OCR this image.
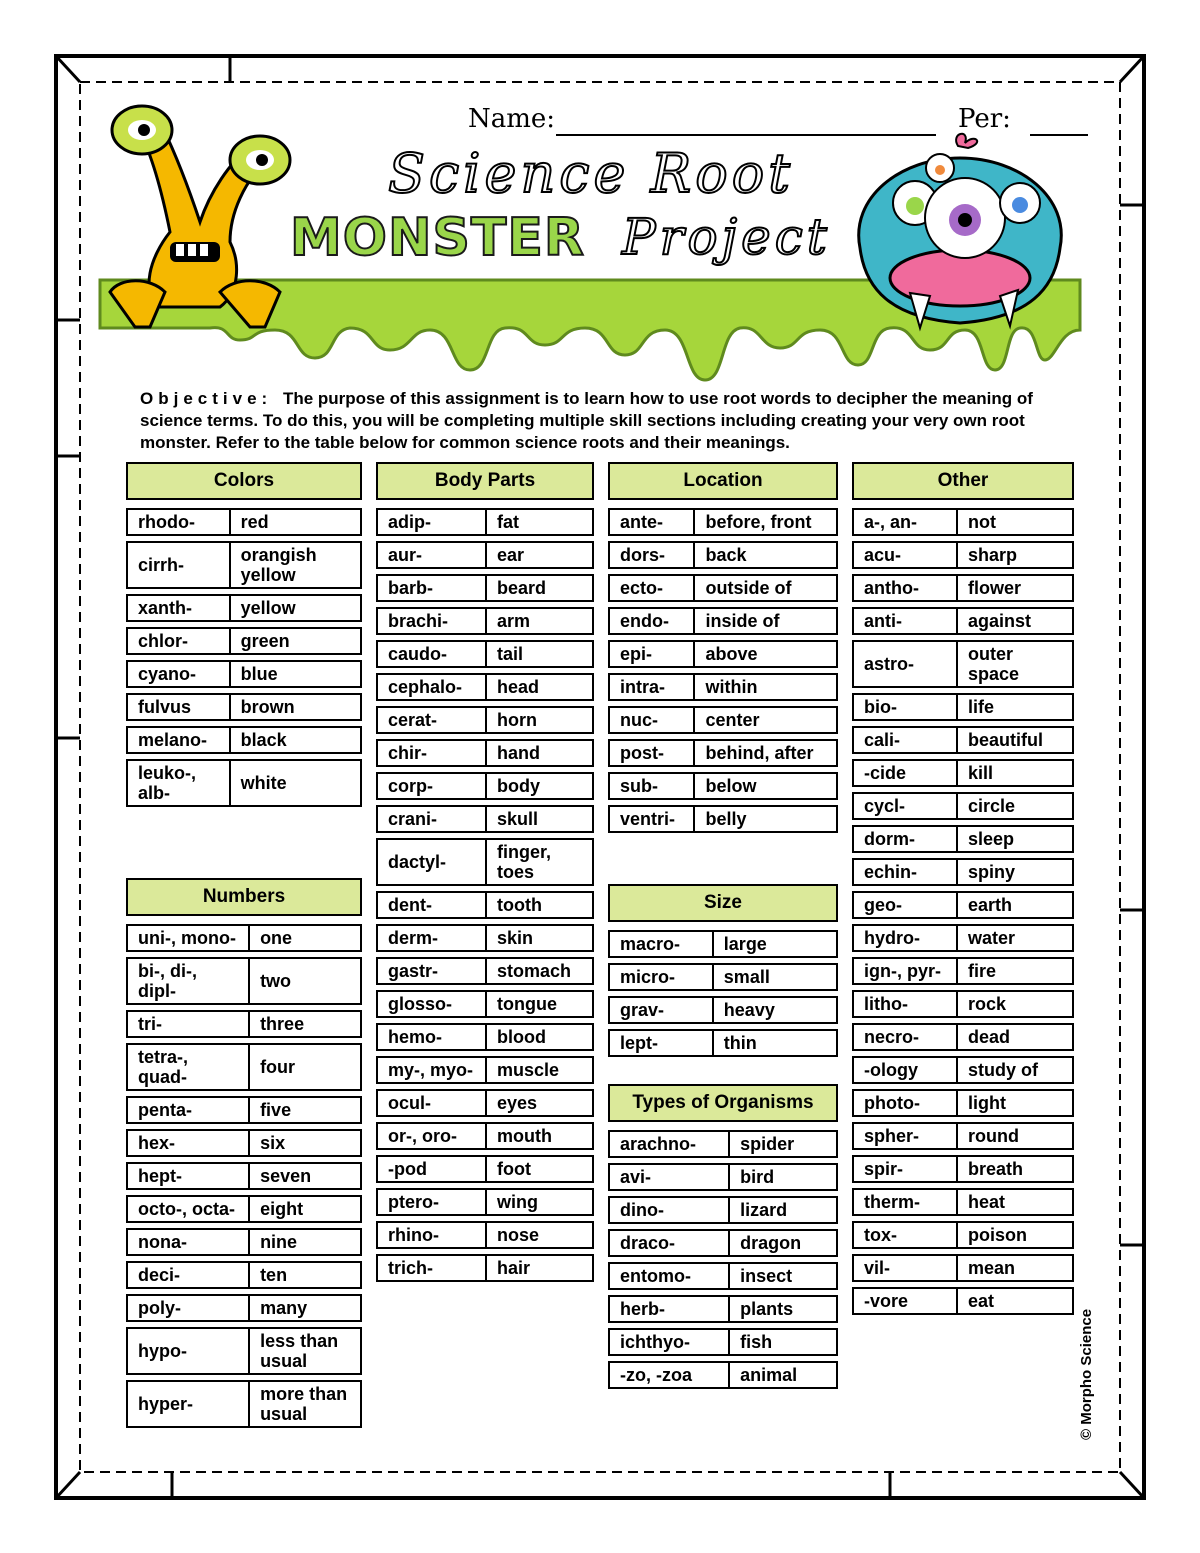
Name:	Per:
Science Root
MONSTER Project
Objective: The purpose of this assignment is to learn how to use root words to decipher the meaning of science terms. To do this, you will be completing multiple skill sections including creating your very own root monster. Refer to the table below for common science roots and their meanings.
Colors
rhodo-	red
cirrh-	orangish yellow
xanth-	yellow
chlor-	green
cyano-	blue
fulvus	brown
melano-	black
leuko-, alb-	white
Numbers
uni-, mono-	one
bi-, di-, dipl-	two
tri-	three
tetra-, quad-	four
penta-	five
hex-	six
hept-	seven
octo-, octa-	eight
nona-	nine
deci-	ten
poly-	many
hypo-	less than usual
hyper-	more than usual
Body Parts
adip-	fat
aur-	ear
barb-	beard
brachi-	arm
caudo-	tail
cephalo-	head
cerat-	horn
chir-	hand
corp-	body
crani-	skull
dactyl-	finger, toes
dent-	tooth
derm-	skin
gastr-	stomach
glosso-	tongue
hemo-	blood
my-, myo-	muscle
ocul-	eyes
or-, oro-	mouth
-pod	foot
ptero-	wing
rhino-	nose
trich-	hair
Location
ante-	before, front
dors-	back
ecto-	outside of
endo-	inside of
epi-	above
intra-	within
nuc-	center
post-	behind, after
sub-	below
ventri-	belly
Size
macro-	large
micro-	small
grav-	heavy
lept-	thin
Types of Organisms
arachno-	spider
avi-	bird
dino-	lizard
draco-	dragon
entomo-	insect
herb-	plants
ichthyo-	fish
-zo, -zoa	animal
Other
a-, an-	not
acu-	sharp
antho-	flower
anti-	against
astro-	outer space
bio-	life
cali-	beautiful
-cide	kill
cycl-	circle
dorm-	sleep
echin-	spiny
geo-	earth
hydro-	water
ign-, pyr-	fire
litho-	rock
necro-	dead
-ology	study of
photo-	light
spher-	round
spir-	breath
therm-	heat
tox-	poison
vil-	mean
-vore	eat
© Morpho Science
